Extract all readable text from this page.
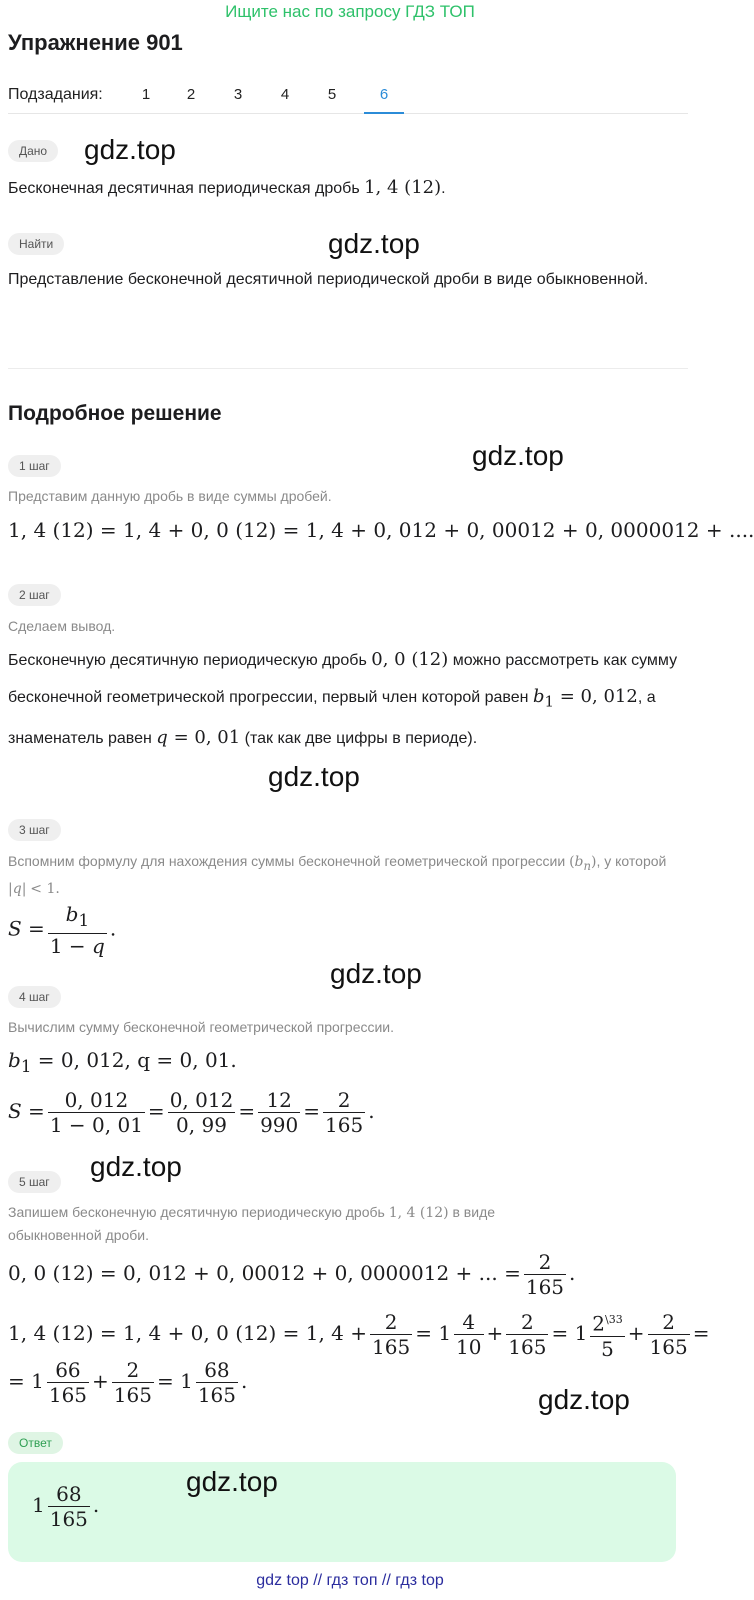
Ищите нас по запросу ГДЗ ТОП
Упражнение 901
Подзадания:	1	2	3	4	5	6
Дано	gdz.top
Бесконечная десятичная периодическая дробь 1, 4 (12).
Найти	gdz.top
Представление бесконечной десятичной периодической дроби в виде обыкновенной.
Подробное решение
1 шаг	gdz.top
Представим данную дробь в виде суммы дробей.
1, 4 (12) = 1, 4 + 0, 0 (12) = 1, 4 + 0, 012 + 0, 00012 + 0, 0000012 + ....
2 шаг
Сделаем вывод.
Бесконечную десятичную периодическую дробь 0, 0 (12) можно рассмотреть как сумму бесконечной геометрической прогрессии, первый член которой равен $b_1 = 0$, 012, а знаменатель равен q = 0, 01 (так как две цифры в периоде).
gdz.top
3 шаг
Вспомним формулу для нахождения суммы бесконечной геометрической прогрессии $(b_n)$, у которой |q| < 1.
$S = \frac{b_1}{1 - q}$ .
gdz.top
4 шаг
Вычислим сумму бесконечной геометрической прогрессии.
$b_1 = 0$, 012, q = 0, 01.
$S = \frac{0, 012}{1 - 0, 01} = \frac{0, 012}{0, 99} = \frac{12}{990} = \frac{2}{165}$ .
gdz.top
5 шаг
Запишем бесконечную десятичную периодическую дробь 1, 4 (12) в виде
обыкновенной дроби.
0, 0 (12) = 0, 012 + 0, 00012 + 0, 0000012 + ... = $\frac{2}{165}$ .
1, 4 (12) = 1, 4 + 0, 0 (12) = 1, $4 + \frac{2}{165} = 1 \frac{4}{10} + \frac{2}{165} = 1 \frac{2^{\backslash 33}}{5} + \frac{2}{165}$ =
= $1 \frac{66}{165} + \frac{2}{165} = 1 \frac{68}{165}$ .
gdz.top
Ответ
$1 \frac{68}{165}$ .
gdz.top
gdz top // гдз топ // гдз top
